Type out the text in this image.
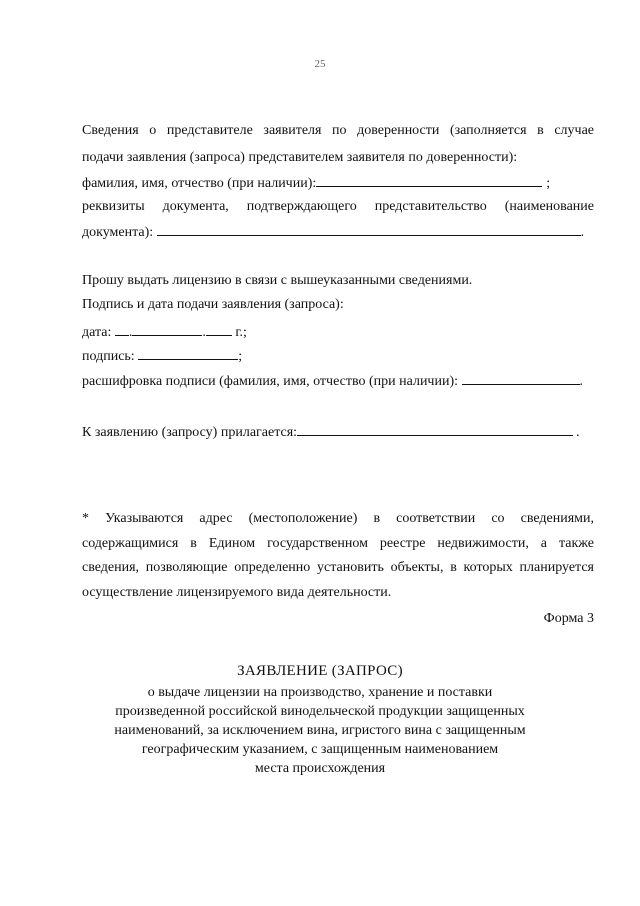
25
Сведения о представителе заявителя по доверенности (заполняется в случае
подачи заявления (запроса) представителем заявителя по доверенности):
фамилия, имя, отчество (при наличии):	;
реквизиты документа, подтверждающего представительство (наименование
документа):	.
Прошу выдать лицензию в связи с вышеуказанными сведениями.
Подпись и дата подачи заявления (запроса):
дата: .	. г.;
подпись:	;
расшифровка подписи (фамилия, имя, отчество (при наличии):	.
К заявлению (запросу) прилагается:	.
* Указываются адрес (местоположение) в соответствии со сведениями,
содержащимися в Едином государственном реестре недвижимости, а также
сведения, позволяющие определенно установить объекты, в которых планируется
осуществление лицензируемого вида деятельности.
Форма 3
ЗАЯВЛЕНИЕ (ЗАПРОС)
о выдаче лицензии на производство, хранение и поставки
произведенной российской винодельческой продукции защищенных
наименований, за исключением вина, игристого вина с защищенным
географическим указанием, с защищенным наименованием
места происхождения
